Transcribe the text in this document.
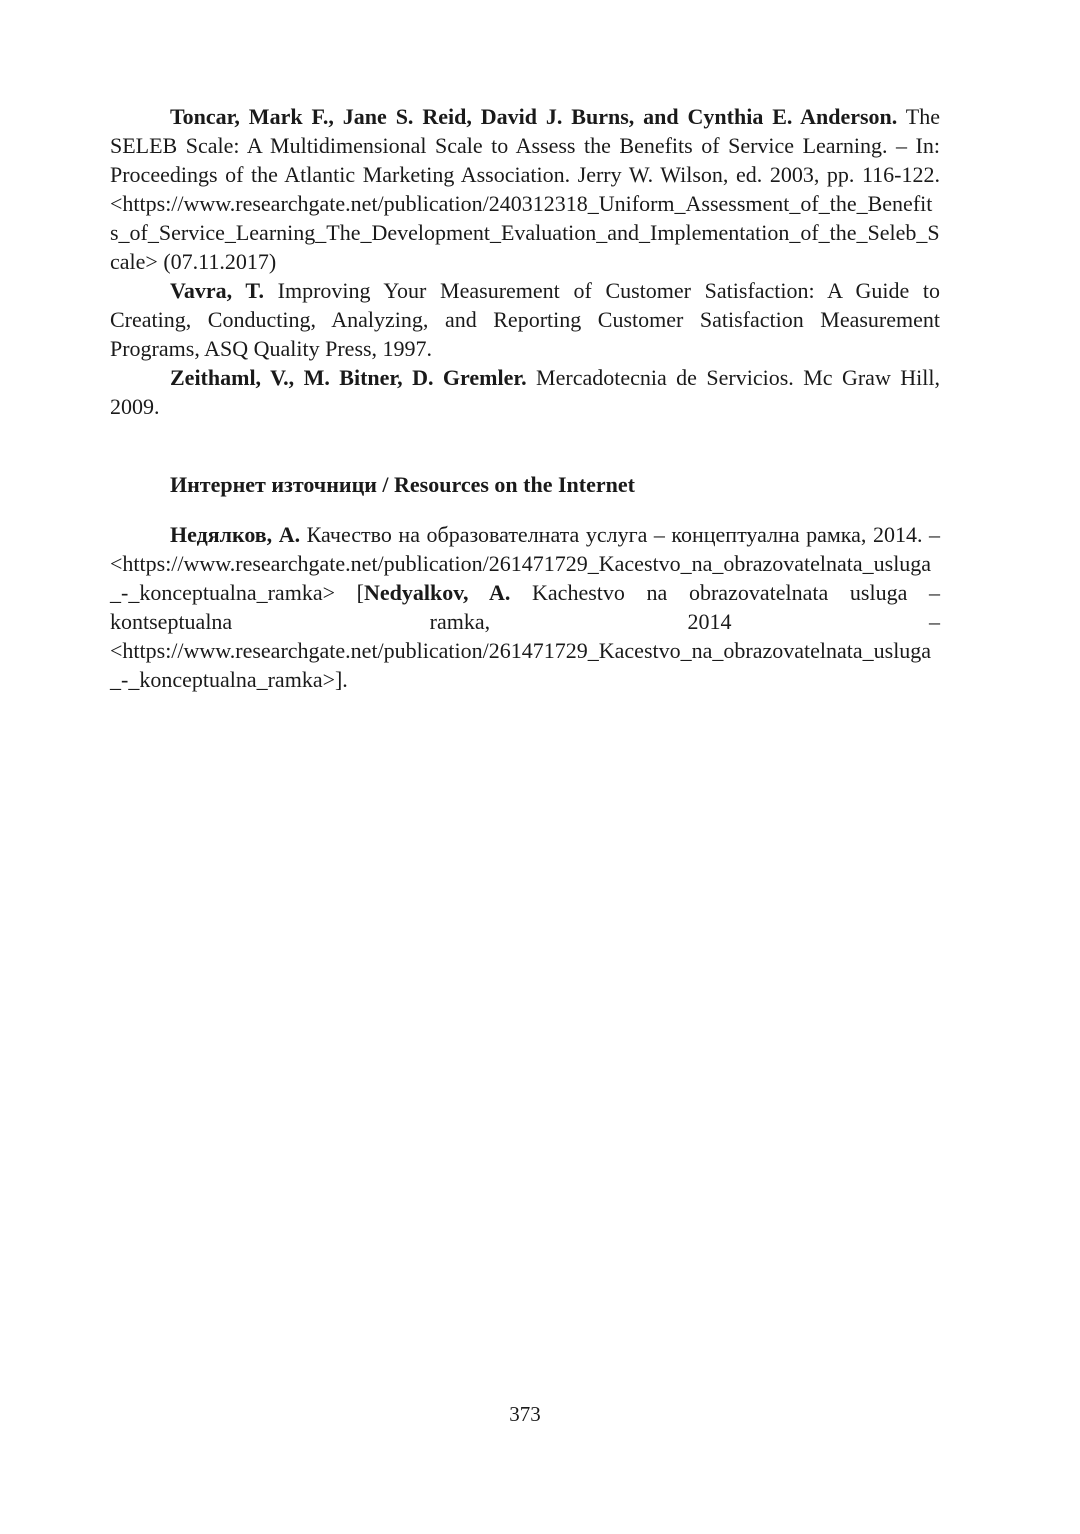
Toncar, Mark F., Jane S. Reid, David J. Burns, and Cynthia E. Anderson. The SELEB Scale: A Multidimensional Scale to Assess the Benefits of Service Learning. – In: Proceedings of the Atlantic Marketing Association. Jerry W. Wilson, ed. 2003, pp. 116-122. <https://www.researchgate.net/publication/240312318_Uniform_Assessment_of_the_Benefits_of_Service_Learning_The_Development_Evaluation_and_Implementation_of_the_Seleb_Scale> (07.11.2017)

Vavra, T. Improving Your Measurement of Customer Satisfaction: A Guide to Creating, Conducting, Analyzing, and Reporting Customer Satisfaction Measurement Programs, ASQ Quality Press, 1997.

Zeithaml, V., M. Bitner, D. Gremler. Mercadotecnia de Servicios. Mc Graw Hill, 2009.

Интернет източници / Resources on the Internet

Недялков, А. Качество на образователната услуга – концептуална рамка, 2014. – <https://www.researchgate.net/publication/261471729_Kacestvo_na_obrazovatelnata_usluga_-_konceptualna_ramka> [Nedyalkov, A. Kachestvo na obrazovatelnata usluga – kontseptualna ramka, 2014 – <https://www.researchgate.net/publication/261471729_Kacestvo_na_obrazovatelnata_usluga_-_konceptualna_ramka>].

373
